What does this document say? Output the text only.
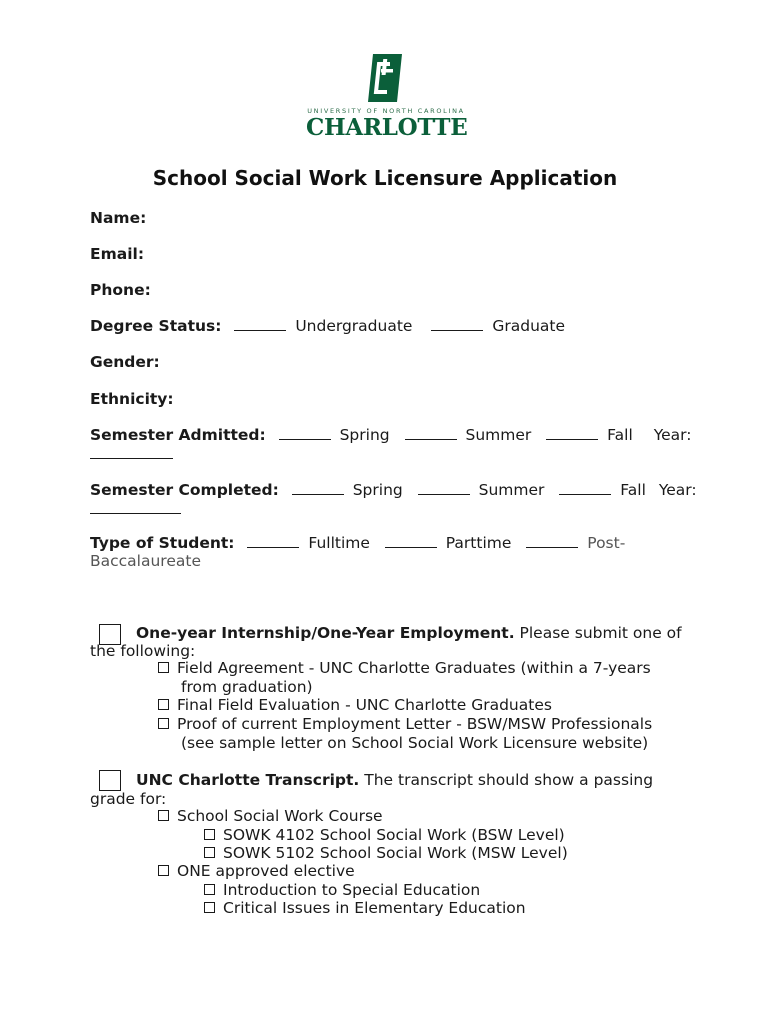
UNIVERSITY OF NORTH CAROLINA
CHARLOTTE
School Social Work Licensure Application
Name:
Email:
Phone:
Degree Status:	Undergraduate	Graduate
Gender:
Ethnicity:
Semester Admitted:	Spring	Summer	Fall Year:
Semester Completed:	Spring	Summer	Fall Year:
Type of Student:	Fulltime	Parttime	Post-
Baccalaureate
One-year Internship/One-Year Employment. Please submit one of
the following:
Field Agreement - UNC Charlotte Graduates (within a 7-years
from graduation)
Final Field Evaluation - UNC Charlotte Graduates
Proof of current Employment Letter - BSW/MSW Professionals
(see sample letter on School Social Work Licensure website)
UNC Charlotte Transcript. The transcript should show a passing
grade for:
School Social Work Course
SOWK 4102 School Social Work (BSW Level)
SOWK 5102 School Social Work (MSW Level)
ONE approved elective
Introduction to Special Education
Critical Issues in Elementary Education
